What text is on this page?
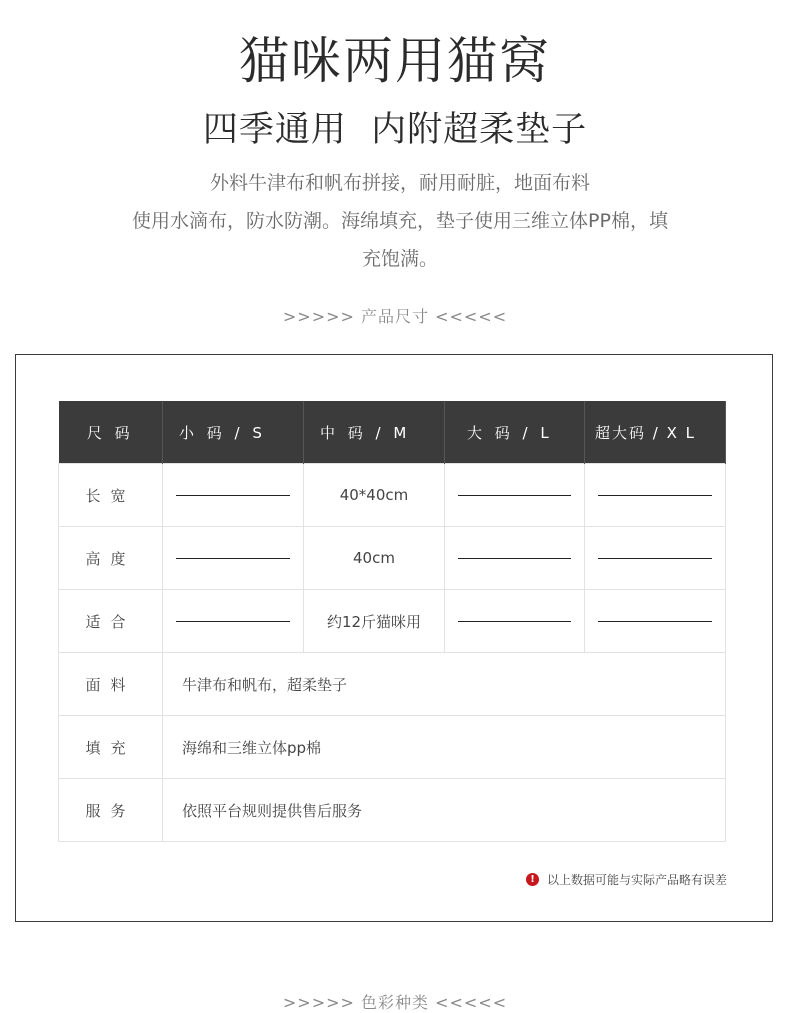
猫咪两用猫窝
四季通用  内附超柔垫子
外料牛津布和帆布拼接，耐用耐脏，地面布料
使用水滴布，防水防潮。海绵填充，垫子使用三维立体PP棉，填
充饱满。
>>>>> 产品尺寸 <<<<<
尺 码	小 码 / S	中 码 / M	大 码 / L	超大码 / X L
长宽		40*40cm	

高度		40cm	

适合		约12斤猫咪用	

面料	牛津布和帆布，超柔垫子			
填充	海绵和三维立体pp棉			
服务	依照平台规则提供售后服务			
!	以上数据可能与实际产品略有误差
>>>>> 色彩种类 <<<<<
